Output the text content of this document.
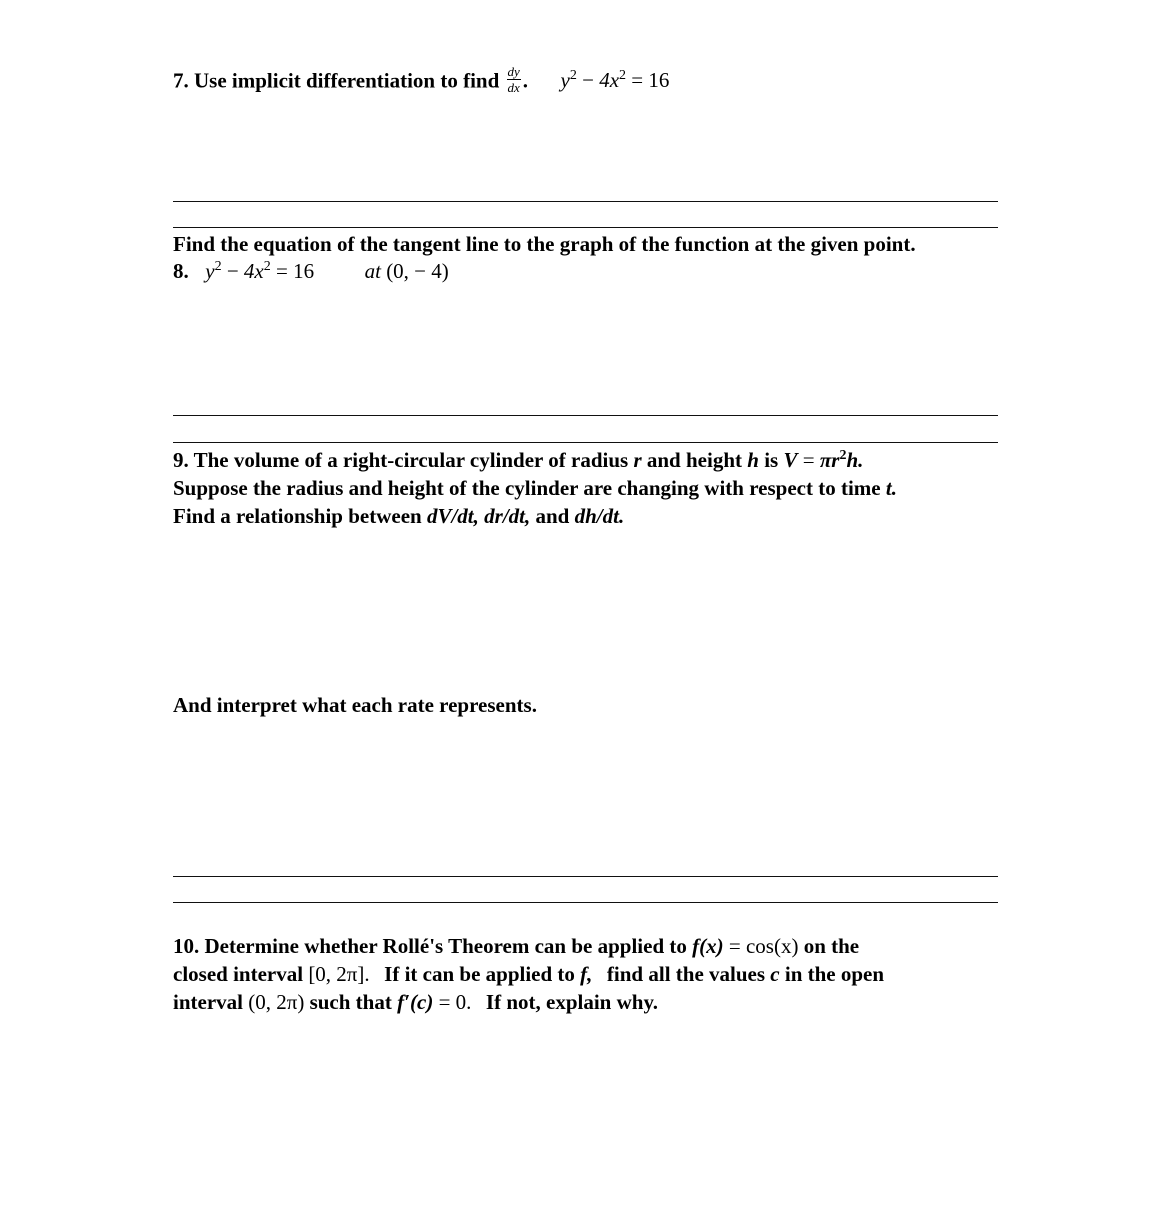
7. Use implicit differentiation to find $\frac{dy}{dx}$ . $y^2 - 4x^2 = 16$
Find the equation of the tangent line to the graph of the function at the given point.
8. $y^2 - 4x^2 = 16$ at (0, − 4)
9. The volume of a right-circular cylinder of radius r and height h is $V = \pi r^2h$.
Suppose the radius and height of the cylinder are changing with respect to time t.
Find a relationship between dV/dt, dr/dt, and dh/dt.
And interpret what each rate represents.
10. Determine whether Rollé's Theorem can be applied to f(x) = cos(x) on the
closed interval [0, 2π]. If it can be applied to f, find all the values c in the open
interval (0, 2π) such that f′(c) = 0. If not, explain why.
